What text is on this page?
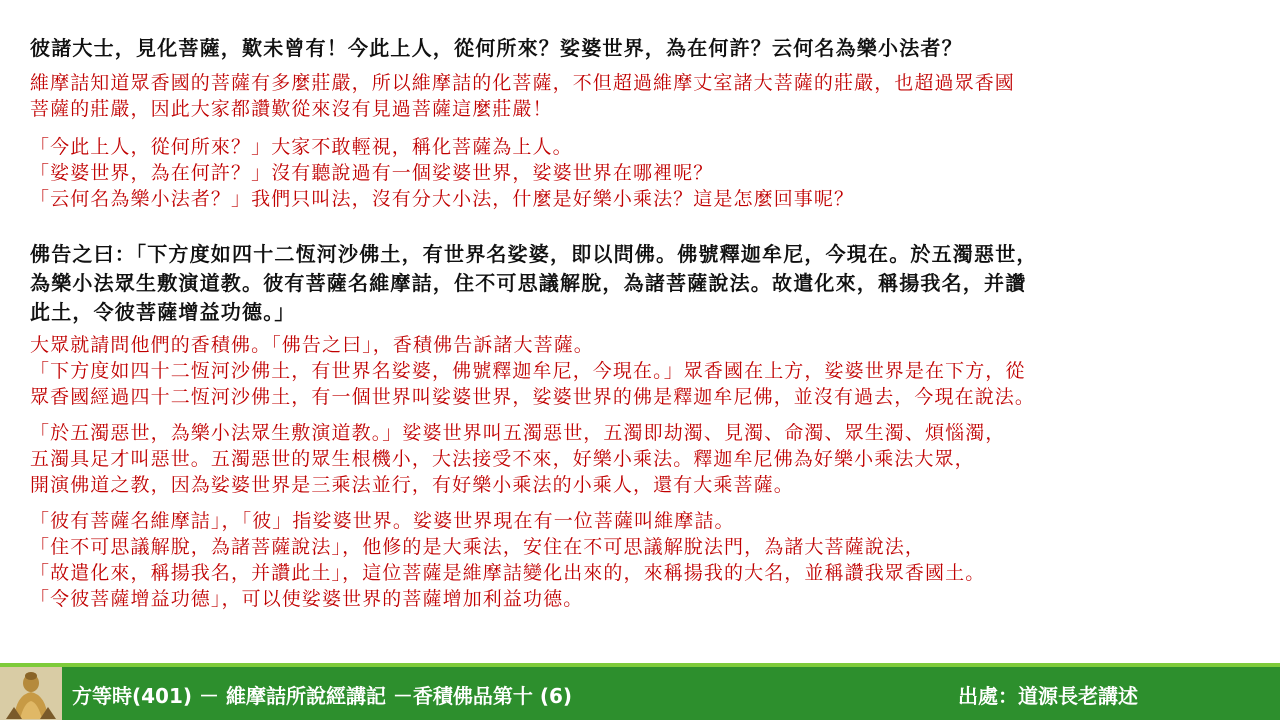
彼諸大士，見化菩薩，歎未曾有！今此上人，從何所來？娑婆世界，為在何許？云何名為樂小法者？

維摩詰知道眾香國的菩薩有多麼莊嚴，所以維摩詰的化菩薩，不但超過維摩丈室諸大菩薩的莊嚴，也超過眾香國

菩薩的莊嚴，因此大家都讚歎從來沒有見過菩薩這麼莊嚴！

「今此上人，從何所來？」大家不敢輕視，稱化菩薩為上人。

「娑婆世界，為在何許？」沒有聽說過有一個娑婆世界，娑婆世界在哪裡呢？

「云何名為樂小法者？」我們只叫法，沒有分大小法，什麼是好樂小乘法？這是怎麼回事呢？

佛告之曰：「下方度如四十二恆河沙佛土，有世界名娑婆，即以問佛。佛號釋迦牟尼，今現在。於五濁惡世，

為樂小法眾生敷演道教。彼有菩薩名維摩詰，住不可思議解脫，為諸菩薩說法。故遣化來，稱揚我名，并讚

此土，令彼菩薩增益功德。」

大眾就請問他們的香積佛。「佛告之曰」，香積佛告訴諸大菩薩。

「下方度如四十二恆河沙佛土，有世界名娑婆，佛號釋迦牟尼，今現在。」眾香國在上方，娑婆世界是在下方，從

眾香國經過四十二恆河沙佛土，有一個世界叫娑婆世界，娑婆世界的佛是釋迦牟尼佛，並沒有過去，今現在說法。

「於五濁惡世，為樂小法眾生敷演道教。」娑婆世界叫五濁惡世，五濁即劫濁、見濁、命濁、眾生濁、煩惱濁，

五濁具足才叫惡世。五濁惡世的眾生根機小，大法接受不來，好樂小乘法。釋迦牟尼佛為好樂小乘法大眾，

開演佛道之教，因為娑婆世界是三乘法並行，有好樂小乘法的小乘人，還有大乘菩薩。

「彼有菩薩名維摩詰」，「彼」指娑婆世界。娑婆世界現在有一位菩薩叫維摩詰。

「住不可思議解脫，為諸菩薩說法」，他修的是大乘法，安住在不可思議解脫法門，為諸大菩薩說法，

「故遣化來，稱揚我名，并讚此土」，這位菩薩是維摩詰變化出來的，來稱揚我的大名，並稱讚我眾香國土。

「令彼菩薩增益功德」，可以使娑婆世界的菩薩增加利益功德。

方等時(401) － 維摩詰所說經講記 －香積佛品第十 (6)	出處：道源長老講述
